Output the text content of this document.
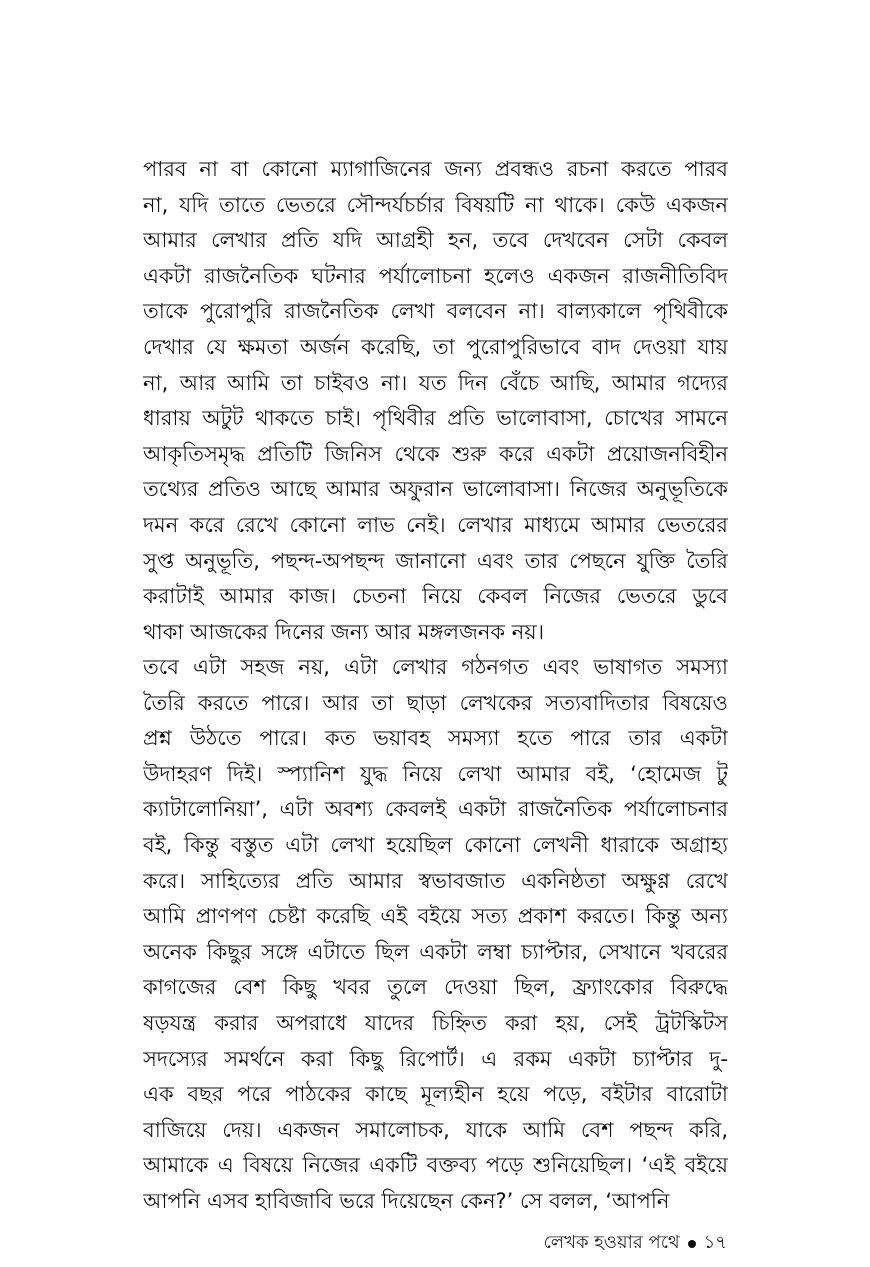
পারব না বা কোনো ম্যাগাজিনের জন্য প্রবন্ধও রচনা করতে পারব
না, যদি তাতে ভেতরে সৌন্দর্যচর্চার বিষয়টি না থাকে। কেউ একজন
আমার লেখার প্রতি যদি আগ্রহী হন, তবে দেখবেন সেটা কেবল
একটা রাজনৈতিক ঘটনার পর্যালোচনা হলেও একজন রাজনীতিবিদ
তাকে পুরোপুরি রাজনৈতিক লেখা বলবেন না। বাল্যকালে পৃথিবীকে
দেখার যে ক্ষমতা অর্জন করেছি, তা পুরোপুরিভাবে বাদ দেওয়া যায়
না, আর আমি তা চাইবও না। যত দিন বেঁচে আছি, আমার গদ্যের
ধারায় অটুট থাকতে চাই। পৃথিবীর প্রতি ভালোবাসা, চোখের সামনে
আকৃতিসমৃদ্ধ প্রতিটি জিনিস থেকে শুরু করে একটা প্রয়োজনবিহীন
তথ্যের প্রতিও আছে আমার অফুরান ভালোবাসা। নিজের অনুভূতিকে
দমন করে রেখে কোনো লাভ নেই। লেখার মাধ্যমে আমার ভেতরের
সুপ্ত অনুভূতি, পছন্দ-অপছন্দ জানানো এবং তার পেছনে যুক্তি তৈরি
করাটাই আমার কাজ। চেতনা নিয়ে কেবল নিজের ভেতরে ডুবে
থাকা আজকের দিনের জন্য আর মঙ্গলজনক নয়।
তবে এটা সহজ নয়, এটা লেখার গঠনগত এবং ভাষাগত সমস্যা
তৈরি করতে পারে। আর তা ছাড়া লেখকের সত্যবাদিতার বিষয়েও
প্রশ্ন উঠতে পারে। কত ভয়াবহ সমস্যা হতে পারে তার একটা
উদাহরণ দিই। স্প্যানিশ যুদ্ধ নিয়ে লেখা আমার বই, ‘হোমেজ টু
ক্যাটালোনিয়া’, এটা অবশ্য কেবলই একটা রাজনৈতিক পর্যালোচনার
বই, কিন্তু বস্তুত এটা লেখা হয়েছিল কোনো লেখনী ধারাকে অগ্রাহ্য
করে। সাহিত্যের প্রতি আমার স্বভাবজাত একনিষ্ঠতা অক্ষুণ্ণ রেখে
আমি প্রাণপণ চেষ্টা করেছি এই বইয়ে সত্য প্রকাশ করতে। কিন্তু অন্য
অনেক কিছুর সঙ্গে এটাতে ছিল একটা লম্বা চ্যাপ্টার, সেখানে খবরের
কাগজের বেশ কিছু খবর তুলে দেওয়া ছিল, ফ্র্যাংকোর বিরুদ্ধে
ষড়যন্ত্র করার অপরাধে যাদের চিহ্নিত করা হয়, সেই ট্রটস্কিটস
সদস্যের সমর্থনে করা কিছু রিপোর্ট। এ রকম একটা চ্যাপ্টার দু-
এক বছর পরে পাঠকের কাছে মূল্যহীন হয়ে পড়ে, বইটার বারোটা
বাজিয়ে দেয়। একজন সমালোচক, যাকে আমি বেশ পছন্দ করি,
আমাকে এ বিষয়ে নিজের একটি বক্তব্য পড়ে শুনিয়েছিল। ‘এই বইয়ে
আপনি এসব হাবিজাবি ভরে দিয়েছেন কেন?’ সে বলল, ‘আপনি
লেখক হওয়ার পথে ১৭
